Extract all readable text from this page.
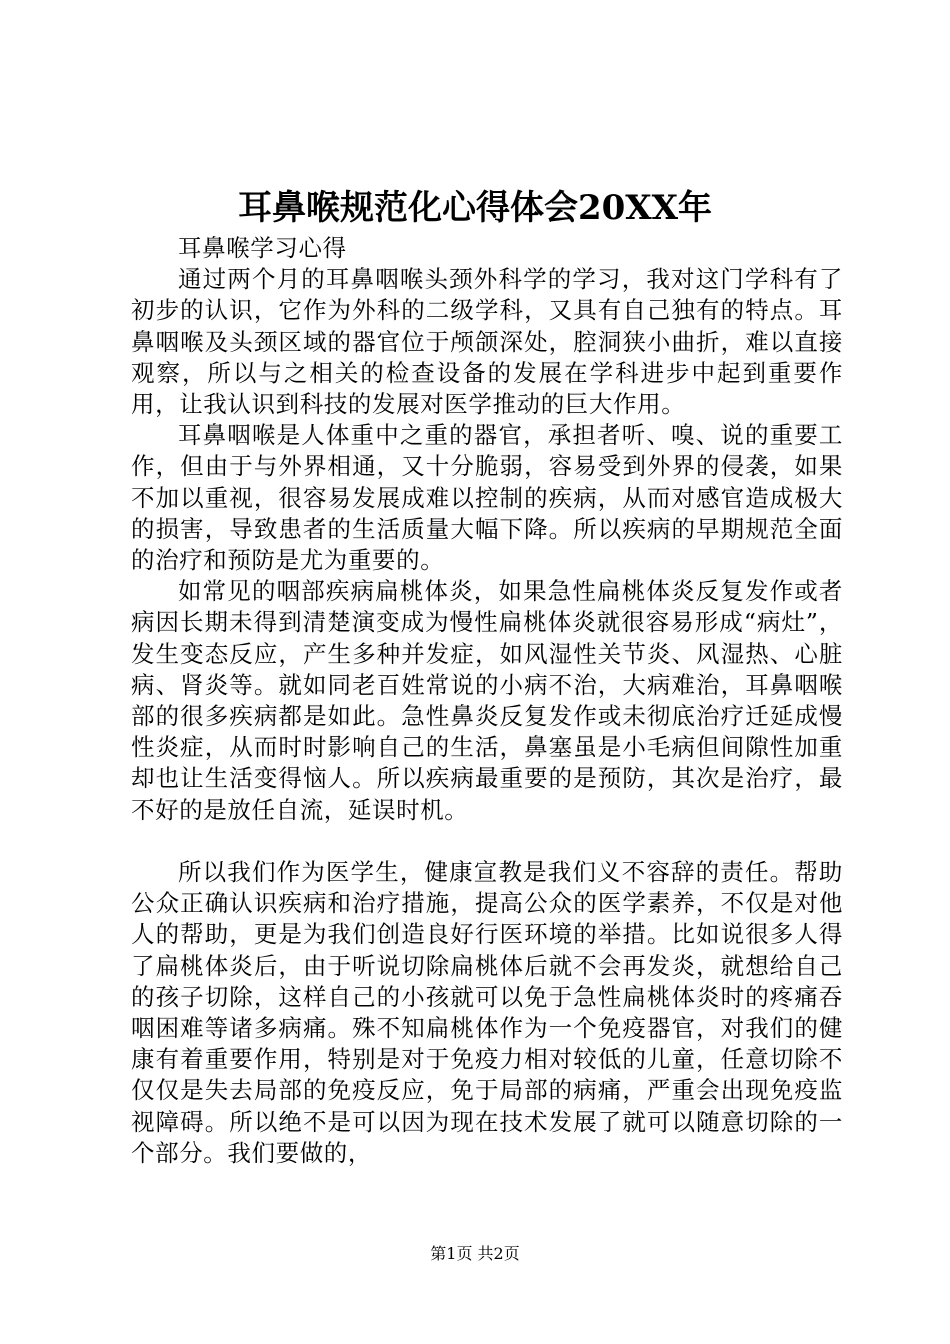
耳鼻喉规范化心得体会20XX年

耳鼻喉学习心得

通过两个月的耳鼻咽喉头颈外科学的学习，我对这门学科有了初步的认识，它作为外科的二级学科，又具有自己独有的特点。耳鼻咽喉及头颈区域的器官位于颅颌深处，腔洞狭小曲折，难以直接观察，所以与之相关的检查设备的发展在学科进步中起到重要作用，让我认识到科技的发展对医学推动的巨大作用。

耳鼻咽喉是人体重中之重的器官，承担者听、嗅、说的重要工作，但由于与外界相通，又十分脆弱，容易受到外界的侵袭，如果不加以重视，很容易发展成难以控制的疾病，从而对感官造成极大的损害，导致患者的生活质量大幅下降。所以疾病的早期规范全面的治疗和预防是尤为重要的。

如常见的咽部疾病扁桃体炎，如果急性扁桃体炎反复发作或者病因长期未得到清楚演变成为慢性扁桃体炎就很容易形成“病灶”，发生变态反应，产生多种并发症，如风湿性关节炎、风湿热、心脏病、肾炎等。就如同老百姓常说的小病不治，大病难治，耳鼻咽喉部的很多疾病都是如此。急性鼻炎反复发作或未彻底治疗迁延成慢性炎症，从而时时影响自己的生活，鼻塞虽是小毛病但间隙性加重却也让生活变得恼人。所以疾病最重要的是预防，其次是治疗，最不好的是放任自流，延误时机。

所以我们作为医学生，健康宣教是我们义不容辞的责任。帮助公众正确认识疾病和治疗措施，提高公众的医学素养，不仅是对他人的帮助，更是为我们创造良好行医环境的举措。比如说很多人得了扁桃体炎后，由于听说切除扁桃体后就不会再发炎，就想给自己的孩子切除，这样自己的小孩就可以免于急性扁桃体炎时的疼痛吞咽困难等诸多病痛。殊不知扁桃体作为一个免疫器官，对我们的健康有着重要作用，特别是对于免疫力相对较低的儿童，任意切除不仅仅是失去局部的免疫反应，免于局部的病痛，严重会出现免疫监视障碍。所以绝不是可以因为现在技术发展了就可以随意切除的一个部分。我们要做的，

第1页 共2页
